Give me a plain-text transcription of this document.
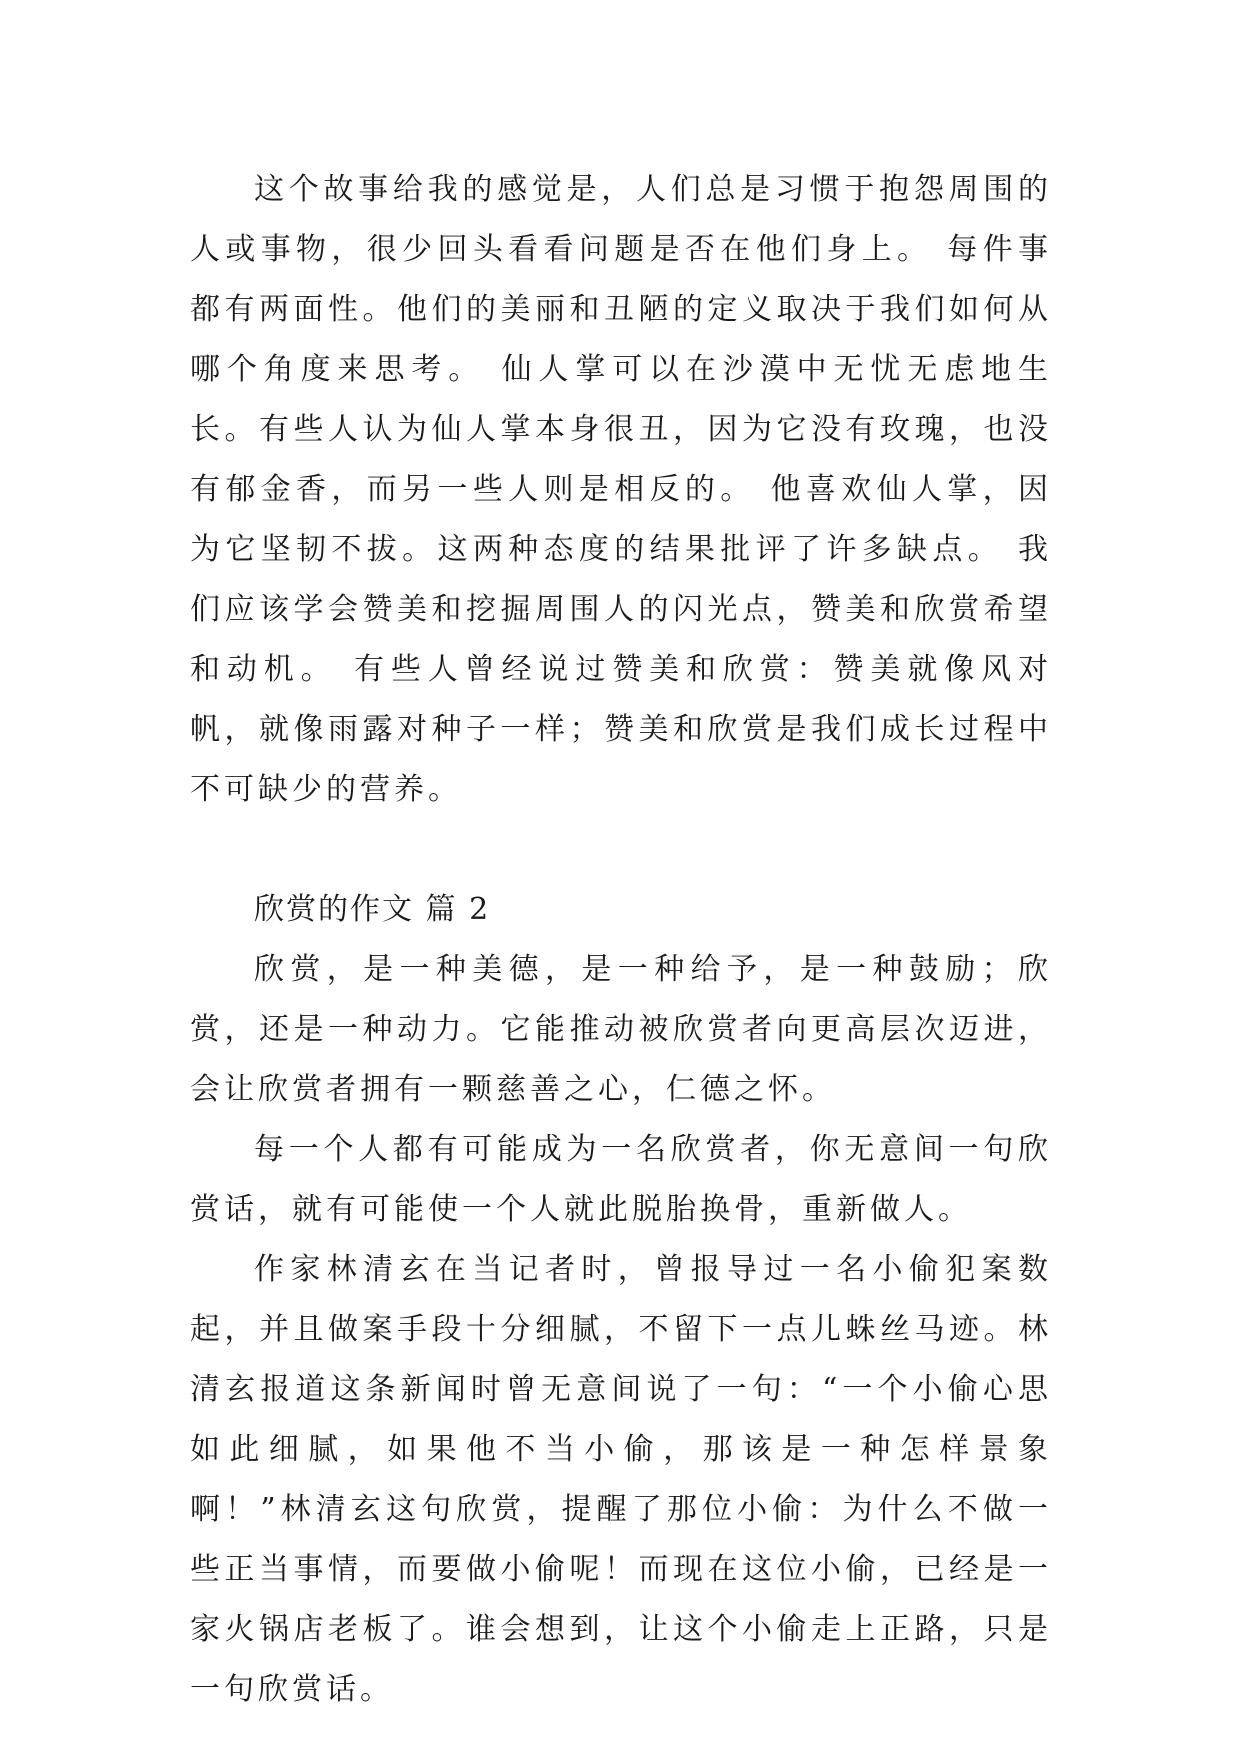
这个故事给我的感觉是，人们总是习惯于抱怨周围的人或事物，很少回头看看问题是否在他们身上。 每件事都有两面性。他们的美丽和丑陋的定义取决于我们如何从哪个角度来思考。 仙人掌可以在沙漠中无忧无虑地生长。有些人认为仙人掌本身很丑，因为它没有玫瑰，也没有郁金香，而另一些人则是相反的。 他喜欢仙人掌，因为它坚韧不拔。这两种态度的结果批评了许多缺点。 我们应该学会赞美和挖掘周围人的闪光点，赞美和欣赏希望和动机。 有些人曾经说过赞美和欣赏：赞美就像风对帆，就像雨露对种子一样；赞美和欣赏是我们成长过程中不可缺少的营养。

欣赏的作文 篇 2

欣赏，是一种美德，是一种给予，是一种鼓励；欣赏，还是一种动力。它能推动被欣赏者向更高层次迈进，会让欣赏者拥有一颗慈善之心，仁德之怀。

每一个人都有可能成为一名欣赏者，你无意间一句欣赏话，就有可能使一个人就此脱胎换骨，重新做人。

作家林清玄在当记者时，曾报导过一名小偷犯案数起，并且做案手段十分细腻，不留下一点儿蛛丝马迹。林清玄报道这条新闻时曾无意间说了一句：“一个小偷心思如此细腻，如果他不当小偷，那该是一种怎样景象啊！”林清玄这句欣赏，提醒了那位小偷：为什么不做一些正当事情，而要做小偷呢！而现在这位小偷，已经是一家火锅店老板了。谁会想到，让这个小偷走上正路，只是一句欣赏话。
